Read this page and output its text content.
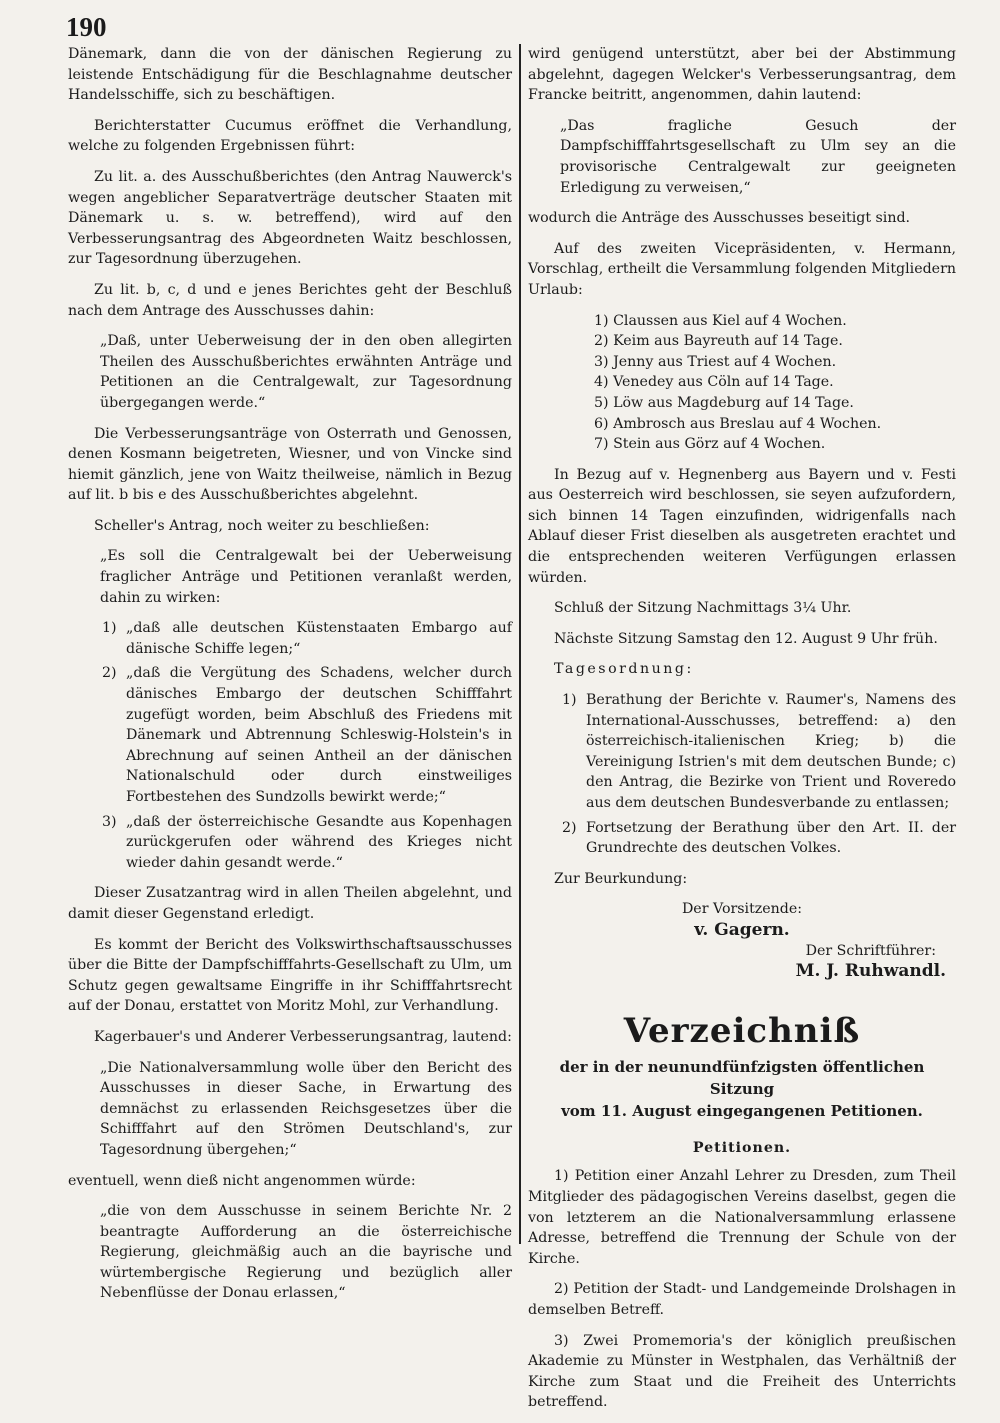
190

Dänemark, dann die von der dänischen Regierung zu leistende Entschädigung für die Beschlagnahme deutscher Handelsschiffe, sich zu beschäftigen.

Berichterstatter Cucumus eröffnet die Verhandlung, welche zu folgenden Ergebnissen führt:

Zu lit. a. des Ausschußberichtes (den Antrag Nauwerck's wegen angeblicher Separatverträge deutscher Staaten mit Dänemark u. s. w. betreffend), wird auf den Verbesserungsantrag des Abgeordneten Waitz beschlossen, zur Tagesordnung überzugehen.

Zu lit. b, c, d und e jenes Berichtes geht der Beschluß nach dem Antrage des Ausschusses dahin:

„Daß, unter Ueberweisung der in den oben allegirten Theilen des Ausschußberichtes erwähnten Anträge und Petitionen an die Centralgewalt, zur Tagesordnung übergegangen werde.“

Die Verbesserungsanträge von Osterrath und Genossen, denen Kosmann beigetreten, Wiesner, und von Vincke sind hiemit gänzlich, jene von Waitz theilweise, nämlich in Bezug auf lit. b bis e des Ausschußberichtes abgelehnt.

Scheller's Antrag, noch weiter zu beschließen:

„Es soll die Centralgewalt bei der Ueberweisung fraglicher Anträge und Petitionen veranlaßt werden, dahin zu wirken:

1) „daß alle deutschen Küstenstaaten Embargo auf dänische Schiffe legen;“
2) „daß die Vergütung des Schadens, welcher durch dänisches Embargo der deutschen Schifffahrt zugefügt worden, beim Abschluß des Friedens mit Dänemark und Abtrennung Schleswig-Holstein's in Abrechnung auf seinen Antheil an der dänischen Nationalschuld oder durch einstweiliges Fortbestehen des Sundzolls bewirkt werde;“
3) „daß der österreichische Gesandte aus Kopenhagen zurückgerufen oder während des Krieges nicht wieder dahin gesandt werde.“

Dieser Zusatzantrag wird in allen Theilen abgelehnt, und damit dieser Gegenstand erledigt.

Es kommt der Bericht des Volkswirthschaftsausschusses über die Bitte der Dampfschifffahrts-Gesellschaft zu Ulm, um Schutz gegen gewaltsame Eingriffe in ihr Schifffahrtsrecht auf der Donau, erstattet von Moritz Mohl, zur Verhandlung.

Kagerbauer's und Anderer Verbesserungsantrag, lautend:

„Die Nationalversammlung wolle über den Bericht des Ausschusses in dieser Sache, in Erwartung des demnächst zu erlassenden Reichsgesetzes über die Schifffahrt auf den Strömen Deutschland's, zur Tagesordnung übergehen;“

eventuell, wenn dieß nicht angenommen würde:

„die von dem Ausschusse in seinem Berichte Nr. 2 beantragte Aufforderung an die österreichische Regierung, gleichmäßig auch an die bayrische und würtembergische Regierung und bezüglich aller Nebenflüsse der Donau erlassen,“

wird genügend unterstützt, aber bei der Abstimmung abgelehnt, dagegen Welcker's Verbesserungsantrag, dem Francke beitritt, angenommen, dahin lautend:

„Das fragliche Gesuch der Dampfschifffahrtsgesellschaft zu Ulm sey an die provisorische Centralgewalt zur geeigneten Erledigung zu verweisen,“

wodurch die Anträge des Ausschusses beseitigt sind.

Auf des zweiten Vicepräsidenten, v. Hermann, Vorschlag, ertheilt die Versammlung folgenden Mitgliedern Urlaub:

1) Claussen aus Kiel auf 4 Wochen.
2) Keim aus Bayreuth auf 14 Tage.
3) Jenny aus Triest auf 4 Wochen.
4) Venedey aus Cöln auf 14 Tage.
5) Löw aus Magdeburg auf 14 Tage.
6) Ambrosch aus Breslau auf 4 Wochen.
7) Stein aus Görz auf 4 Wochen.

In Bezug auf v. Hegnenberg aus Bayern und v. Festi aus Oesterreich wird beschlossen, sie seyen aufzufordern, sich binnen 14 Tagen einzufinden, widrigenfalls nach Ablauf dieser Frist dieselben als ausgetreten erachtet und die entsprechenden weiteren Verfügungen erlassen würden.

Schluß der Sitzung Nachmittags 3¼ Uhr.

Nächste Sitzung Samstag den 12. August 9 Uhr früh.

Tagesordnung:

1) Berathung der Berichte v. Raumer's, Namens des International-Ausschusses, betreffend: a) den österreichisch-italienischen Krieg; b) die Vereinigung Istrien's mit dem deutschen Bunde; c) den Antrag, die Bezirke von Trient und Roveredo aus dem deutschen Bundesverbande zu entlassen;
2) Fortsetzung der Berathung über den Art. II. der Grundrechte des deutschen Volkes.

Zur Beurkundung:

Der Vorsitzende:
v. Gagern.
Der Schriftführer:
M. J. Ruhwandl.
Verzeichniß
der in der neunundfünfzigsten öffentlichen Sitzung
vom 11. August eingegangenen Petitionen.
Petitionen.

1) Petition einer Anzahl Lehrer zu Dresden, zum Theil Mitglieder des pädagogischen Vereins daselbst, gegen die von letzterem an die Nationalversammlung erlassene Adresse, betreffend die Trennung der Schule von der Kirche.

2) Petition der Stadt- und Landgemeinde Drolshagen in demselben Betreff.

3) Zwei Promemoria's der königlich preußischen Akademie zu Münster in Westphalen, das Verhältniß der Kirche zum Staat und die Freiheit des Unterrichts betreffend.
